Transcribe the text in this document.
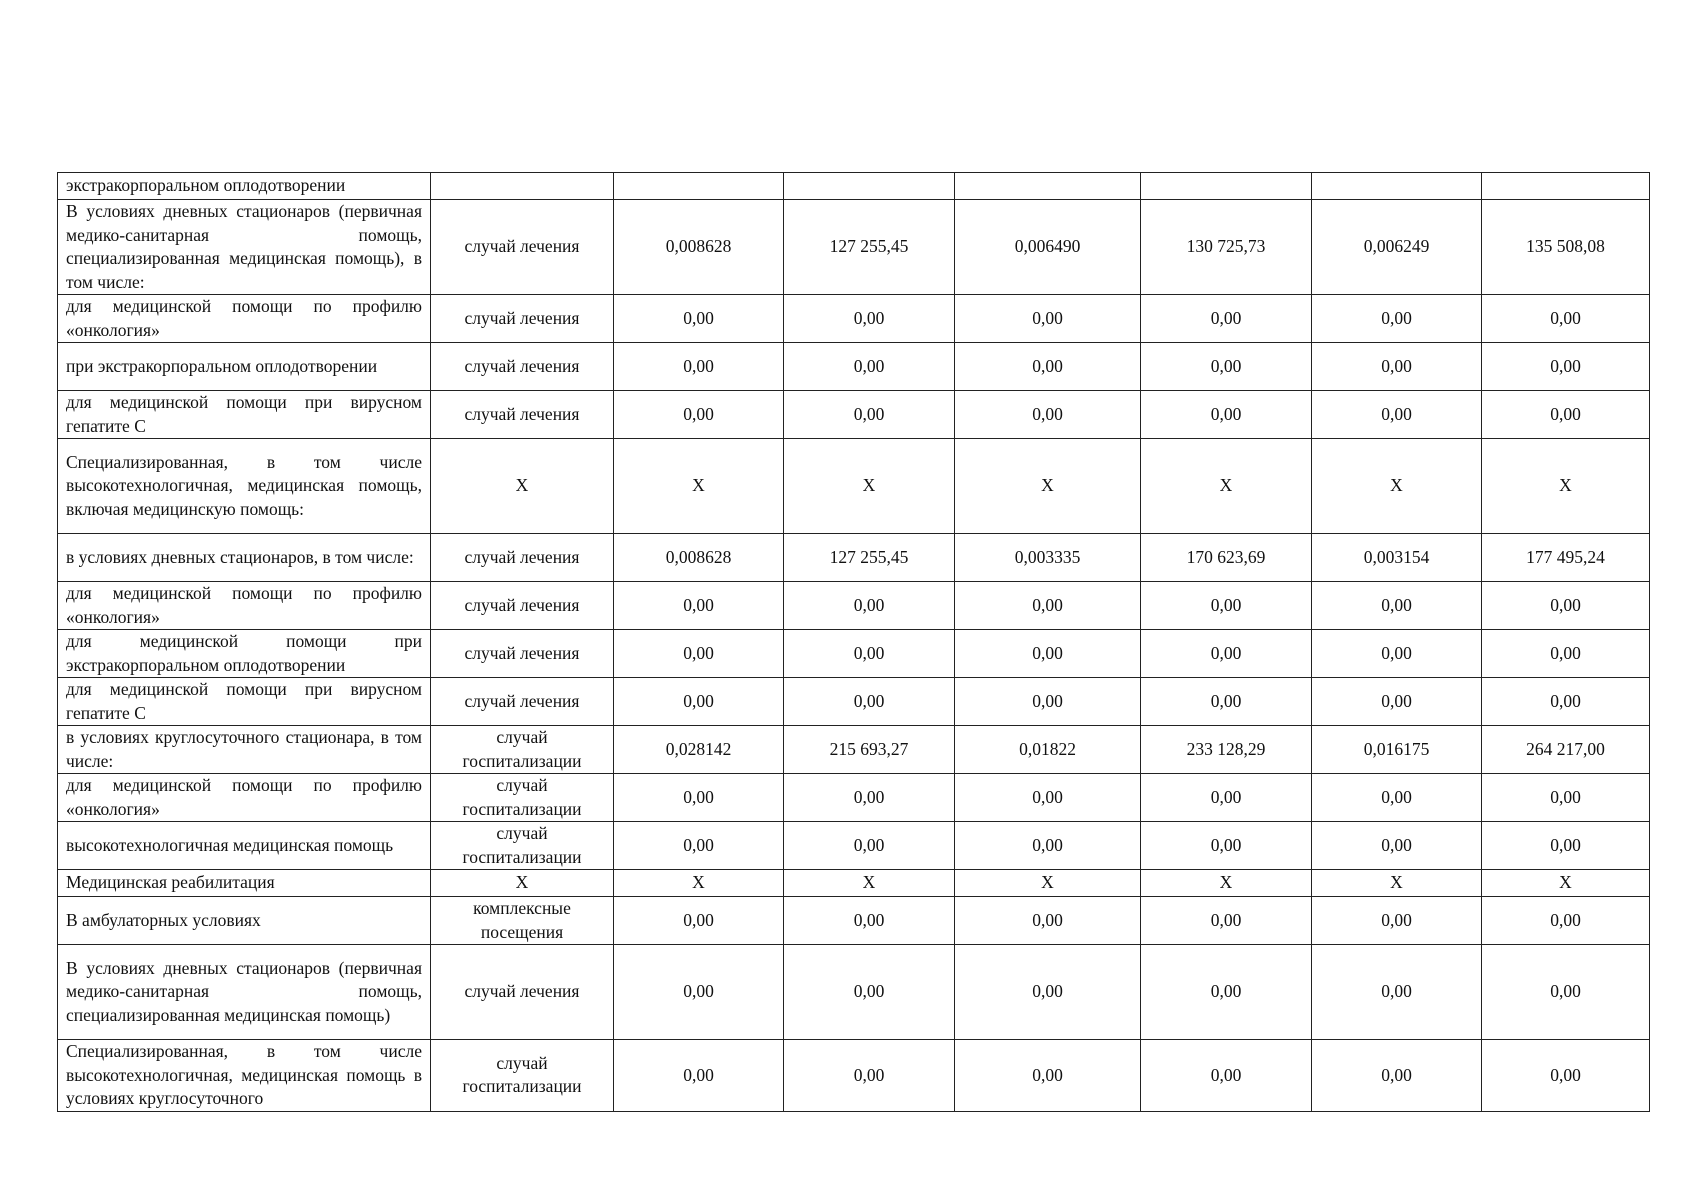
экстракорпоральном оплодотворении							
В условиях дневных стационаров (первичная медико-санитарная помощь, специализированная медицинская помощь), в том числе:	случай лечения	0,008628	127 255,45	0,006490	130 725,73	0,006249	135 508,08
для медицинской помощи по профилю «онкология»	случай лечения	0,00	0,00	0,00	0,00	0,00	0,00
при экстракорпоральном оплодотворении	случай лечения	0,00	0,00	0,00	0,00	0,00	0,00
для медицинской помощи при вирусном гепатите С	случай лечения	0,00	0,00	0,00	0,00	0,00	0,00
Специализированная, в том числе высокотехнологичная, медицинская помощь, включая медицинскую помощь:	Х	Х	Х	Х	Х	Х	Х
в условиях дневных стационаров, в том числе:	случай лечения	0,008628	127 255,45	0,003335	170 623,69	0,003154	177 495,24
для медицинской помощи по профилю «онкология»	случай лечения	0,00	0,00	0,00	0,00	0,00	0,00
для медицинской помощи при экстракорпоральном оплодотворении	случай лечения	0,00	0,00	0,00	0,00	0,00	0,00
для медицинской помощи при вирусном гепатите С	случай лечения	0,00	0,00	0,00	0,00	0,00	0,00
в условиях круглосуточного стационара, в том числе:	случай госпитализации	0,028142	215 693,27	0,01822	233 128,29	0,016175	264 217,00
для медицинской помощи по профилю «онкология»	случай госпитализации	0,00	0,00	0,00	0,00	0,00	0,00
высокотехнологичная медицинская помощь	случай госпитализации	0,00	0,00	0,00	0,00	0,00	0,00
Медицинская реабилитация	Х	Х	Х	Х	Х	Х	Х
В амбулаторных условиях	комплексные посещения	0,00	0,00	0,00	0,00	0,00	0,00
В условиях дневных стационаров (первичная медико-санитарная помощь, специализированная медицинская помощь)	случай лечения	0,00	0,00	0,00	0,00	0,00	0,00
Специализированная, в том числе высокотехнологичная, медицинская помощь в условиях круглосуточного	случай госпитализации	0,00	0,00	0,00	0,00	0,00	0,00
